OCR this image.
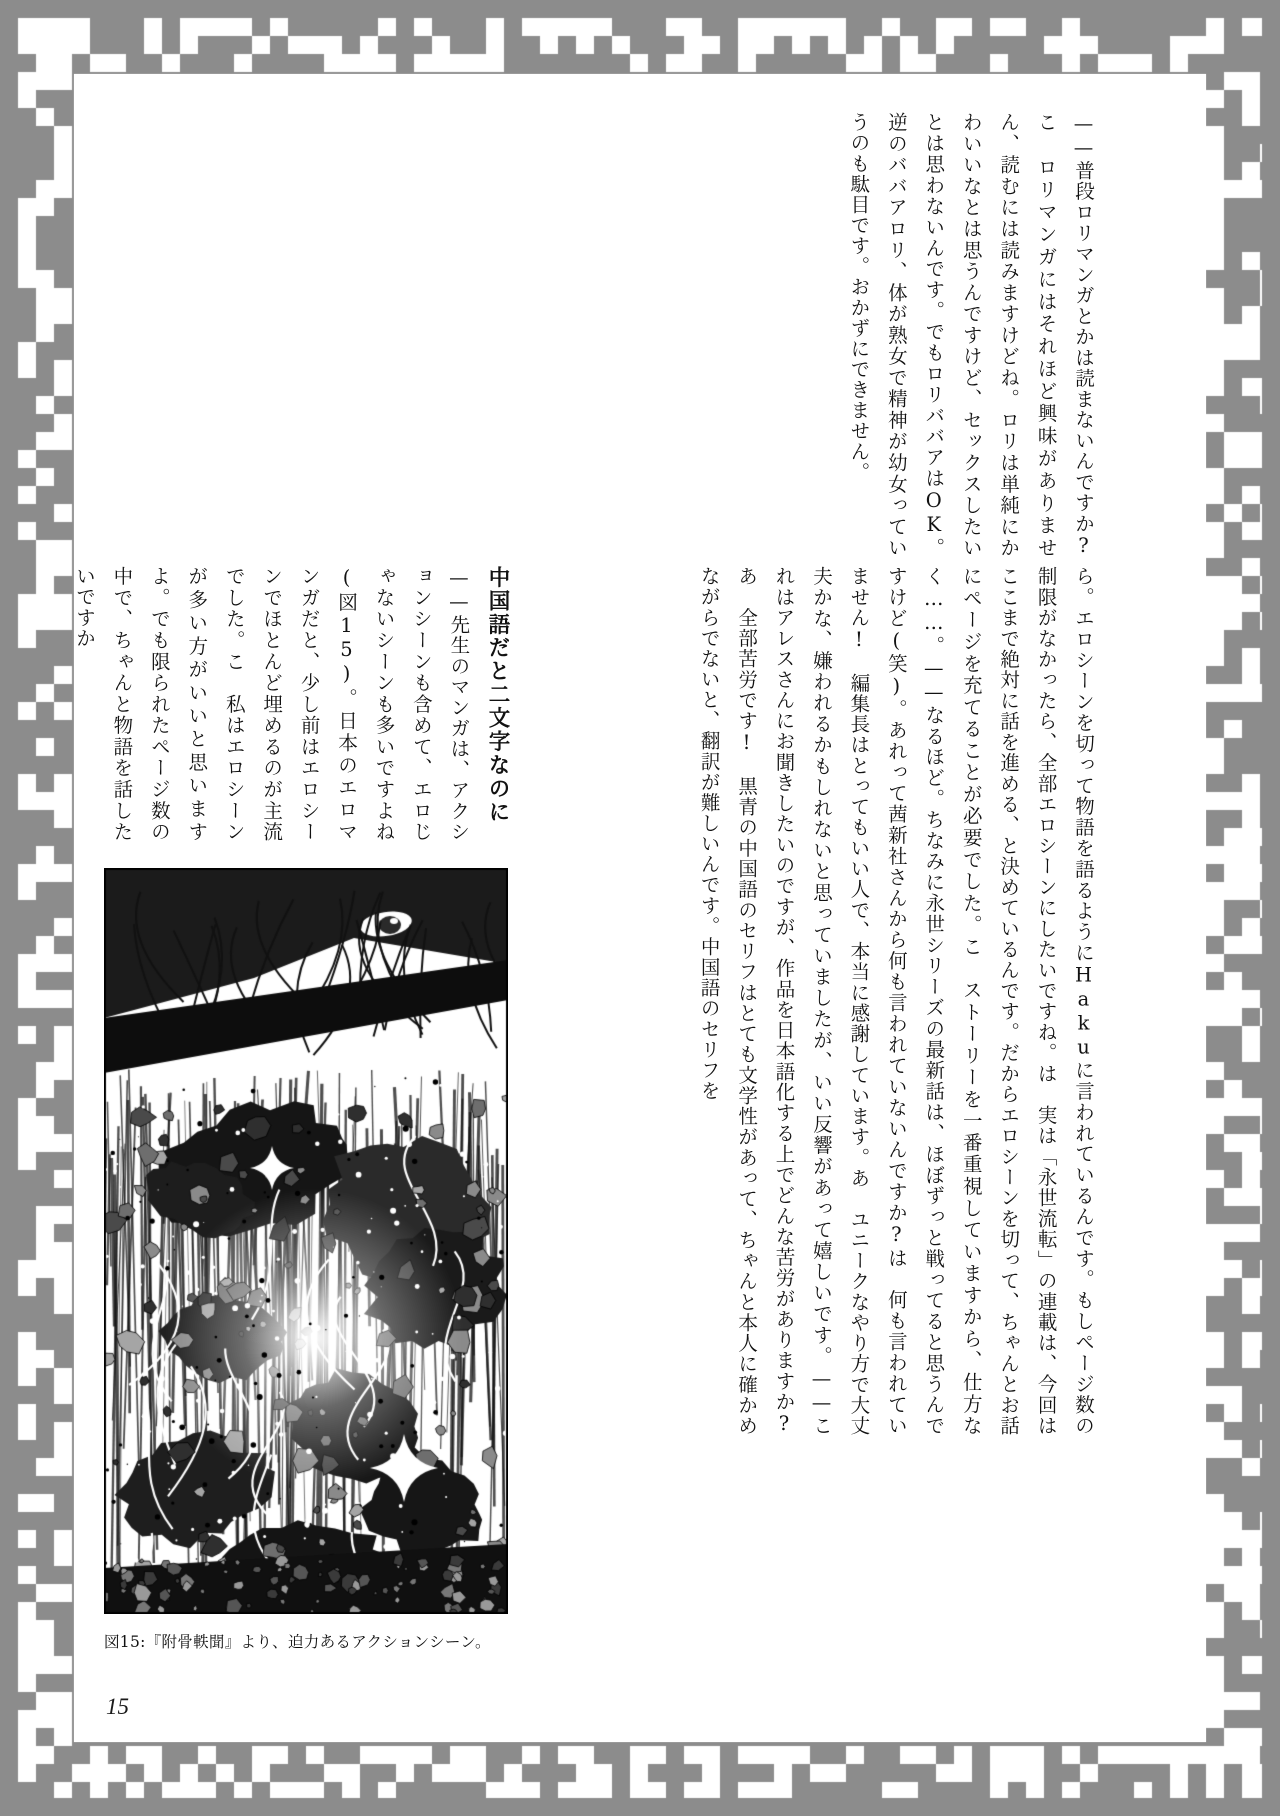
——普段ロリマンガとかは読まないんですか?こ　ロリマンガにはそれほど興味がありません、読むには読みますけどね。ロリは単純にかわいいなとは思うんですけど、セックスしたいとは思わないんです。でもロリババアはOK。逆のババアロリ、体が熟女で精神が幼女っていうのも駄目です。おかずにできません。
ら。エロシーンを切って物語を語るようにHakuに言われているんです。もしページ数の制限がなかったら、全部エロシーンにしたいですね。は　実は「永世流転」の連載は、今回はここまで絶対に話を進める、と決めているんです。だからエロシーンを切って、ちゃんとお話にページを充てることが必要でした。こ　ストーリーを一番重視していますから、仕方なく……。——なるほど。ちなみに永世シリーズの最新話は、ほぼずっと戦ってると思うんですけど(笑)。あれって茜新社さんから何も言われていないんですか?は　何も言われていません!　編集長はとってもいい人で、本当に感謝しています。あ　ユニークなやり方で大丈夫かな、嫌われるかもしれないと思っていましたが、いい反響があって嬉しいです。——これはアレスさんにお聞きしたいのですが、作品を日本語化する上でどんな苦労がありますか?あ　全部苦労です!　黒青の中国語のセリフはとても文学性があって、ちゃんと本人に確かめながらでないと、翻訳が難しいんです。中国語のセリフを
中国語だと二文字なのに
——先生のマンガは、アクションシーンも含めて、エロじゃないシーンも多いですよね(図15)。日本のエロマンガだと、少し前はエロシーンでほとんど埋めるのが主流でした。こ　私はエロシーンが多い方がいいと思いますよ。でも限られたページ数の中で、ちゃんと物語を話したいですか
図15:『附骨軼聞』より、迫力あるアクションシーン。
15
